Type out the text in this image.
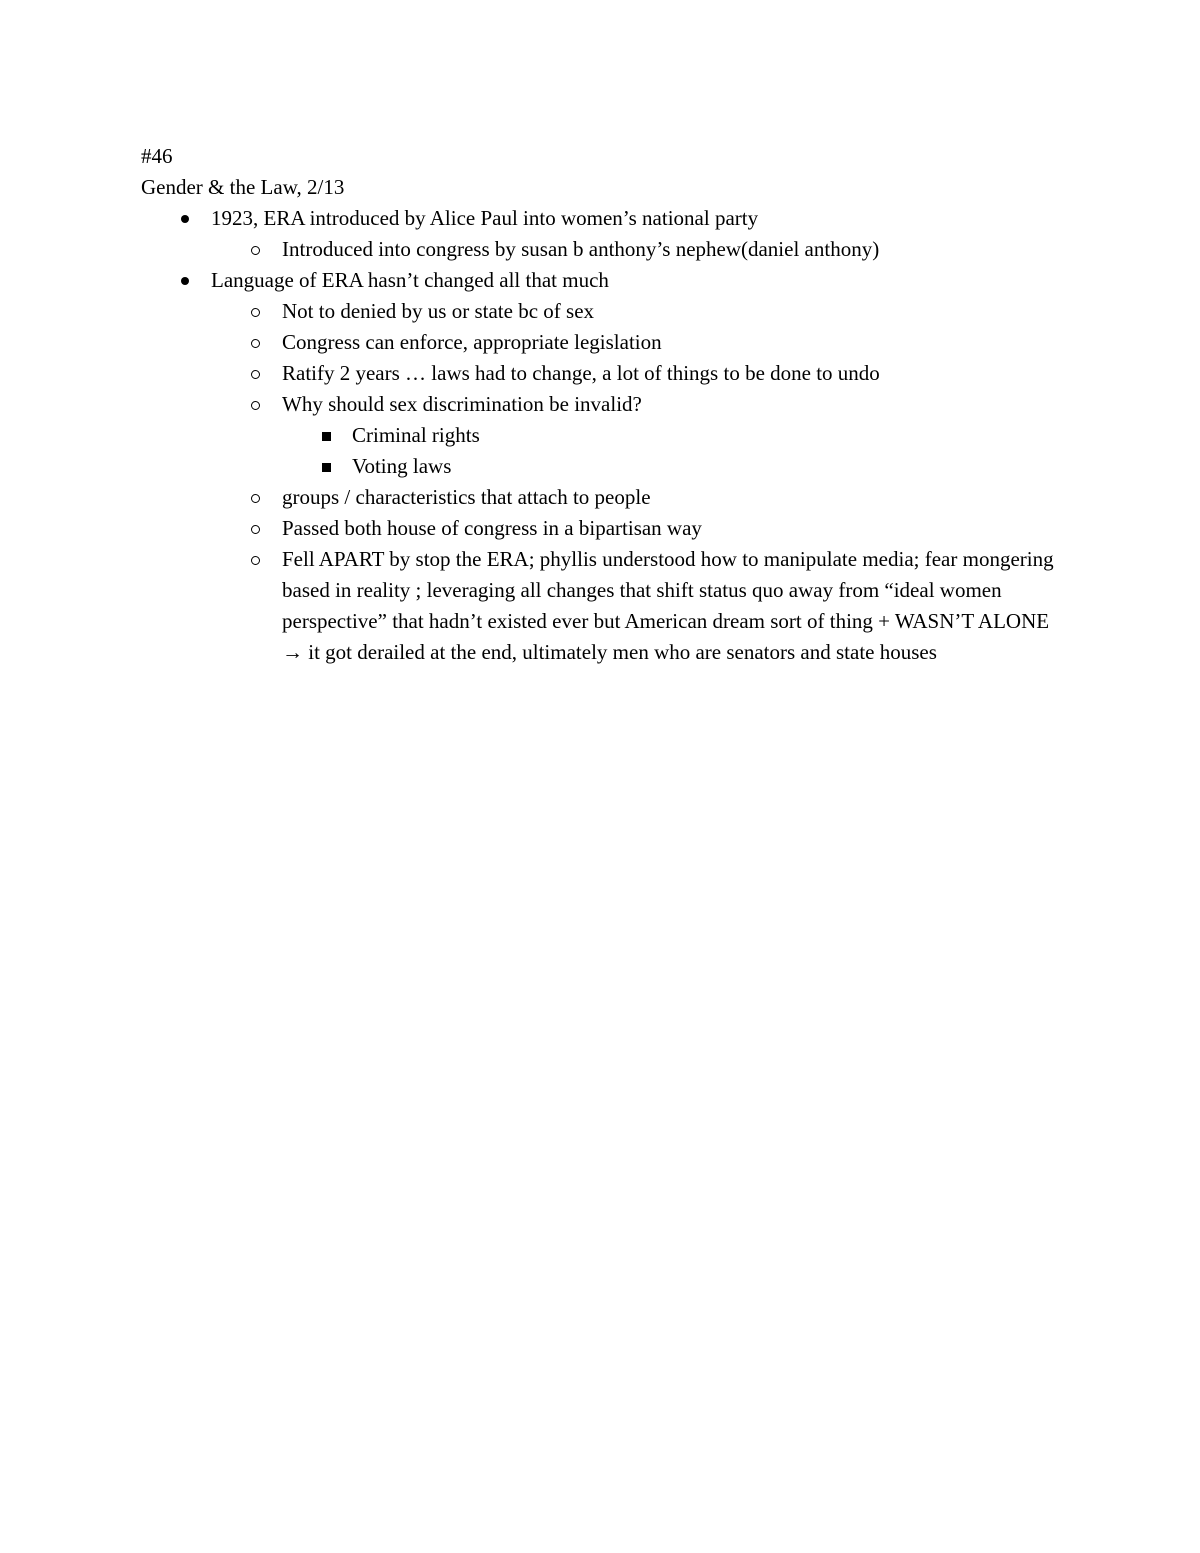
#46
Gender & the Law, 2/13
1923, ERA introduced by Alice Paul into women’s national party
Introduced into congress by susan b anthony’s nephew(daniel anthony)
Language of ERA hasn’t changed all that much
Not to denied by us or state bc of sex
Congress can enforce, appropriate legislation
Ratify 2 years … laws had to change, a lot of things to be done to undo
Why should sex discrimination be invalid?
Criminal rights
Voting laws
groups / characteristics that attach to people
Passed both house of congress in a bipartisan way
Fell APART by stop the ERA; phyllis understood how to manipulate media; fear mongering based in reality ; leveraging all changes that shift status quo away from “ideal women perspective” that hadn’t existed ever but American dream sort of thing + WASN’T ALONE → it got derailed at the end, ultimately men who are senators and state houses
